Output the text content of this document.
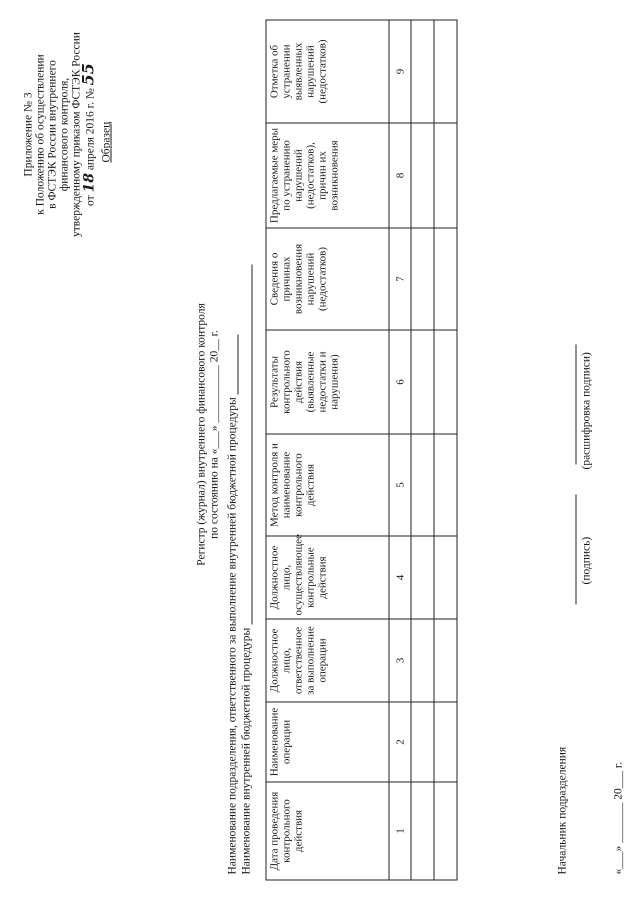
Приложение № 3 к Положению об осуществлении в ФСТЭК России внутреннего финансового контроля, утвержденному приказом ФСТЭК России от 18 апреля 2016 г. № 55
Образец
Регистр (журнал) внутреннего финансового контроля по состоянию на «___» __________ 20__ г. Наименование подразделения, ответственного за выполнение внутренней бюджетной процедуры Наименование внутренней бюджетной процедуры Дата проведения контрольного действия	Наименование операции	Должностное лицо, ответственное за выполнение операции	Должностное лицо, осуществляющее контрольные действия	Метод контроля и наименование контрольного действия	Результаты контрольного действия (выявленные недостатки и нарушения)	Сведения о причинах возникновения нарушений (недостатков)	Предлагаемые меры по устранению нарушений (недостатков), причин их возникновения	Отметка об устранении выявленных нарушений (недостатков)
1	2	3	4	5	6	7	8	9

Начальник подразделения
(подпись)
(расшифровка подписи)
«___» _______ 20___ г.
